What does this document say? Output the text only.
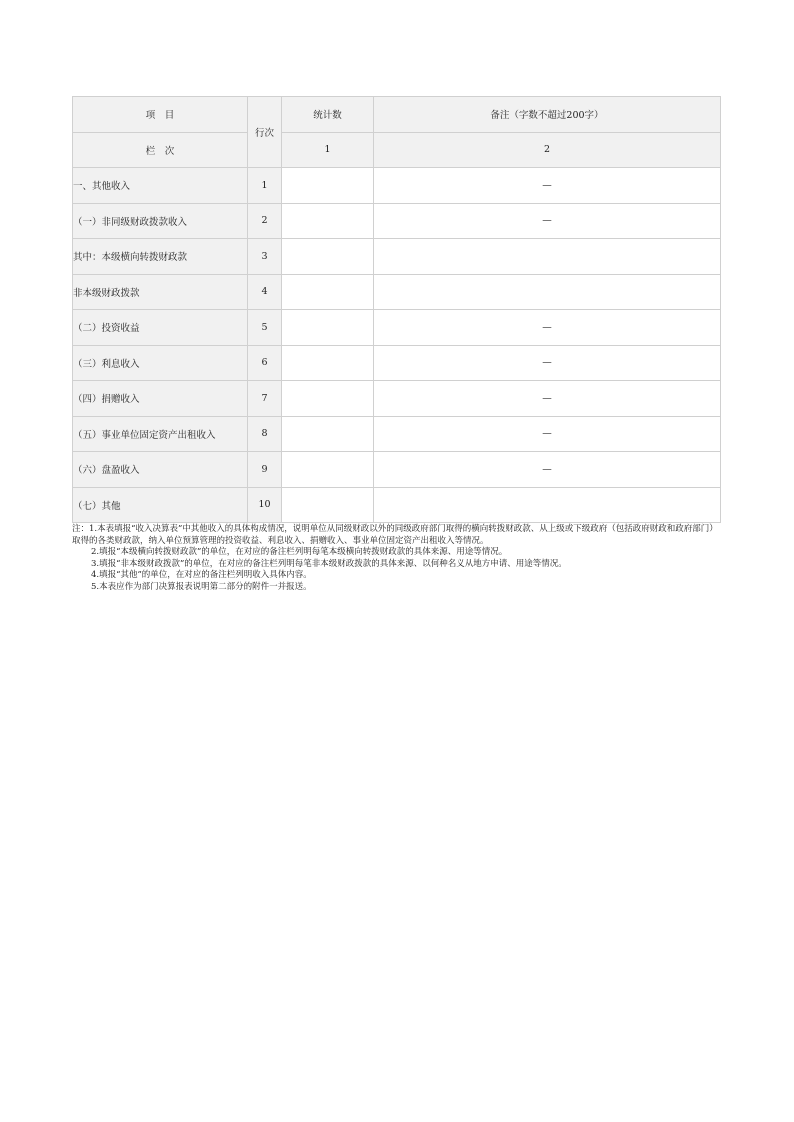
项　目	行次	统计数	备注（字数不超过200字）
栏　次		1	2
一、其他收入	1		—
（一）非同级财政拨款收入	2		—
其中：本级横向转拨财政款	3		
非本级财政拨款	4		
（二）投资收益	5		—
（三）利息收入	6		—
（四）捐赠收入	7		—
（五）事业单位固定资产出租收入	8		—
（六）盘盈收入	9		—
（七）其他	10		

注：1.本表填报“收入决算表”中其他收入的具体构成情况，说明单位从同级财政以外的同级政府部门取得的横向转拨财政款、从上级或下级政府（包括政府财政和政府部门）取得的各类财政款，纳入单位预算管理的投资收益、利息收入、捐赠收入、事业单位固定资产出租收入等情况。

2.填报“本级横向转拨财政款”的单位，在对应的备注栏列明每笔本级横向转拨财政款的具体来源、用途等情况。

3.填报“非本级财政拨款”的单位，在对应的备注栏列明每笔非本级财政拨款的具体来源、以何种名义从地方申请、用途等情况。

4.填报“其他”的单位，在对应的备注栏列明收入具体内容。

5.本表应作为部门决算报表说明第二部分的附件一并报送。
